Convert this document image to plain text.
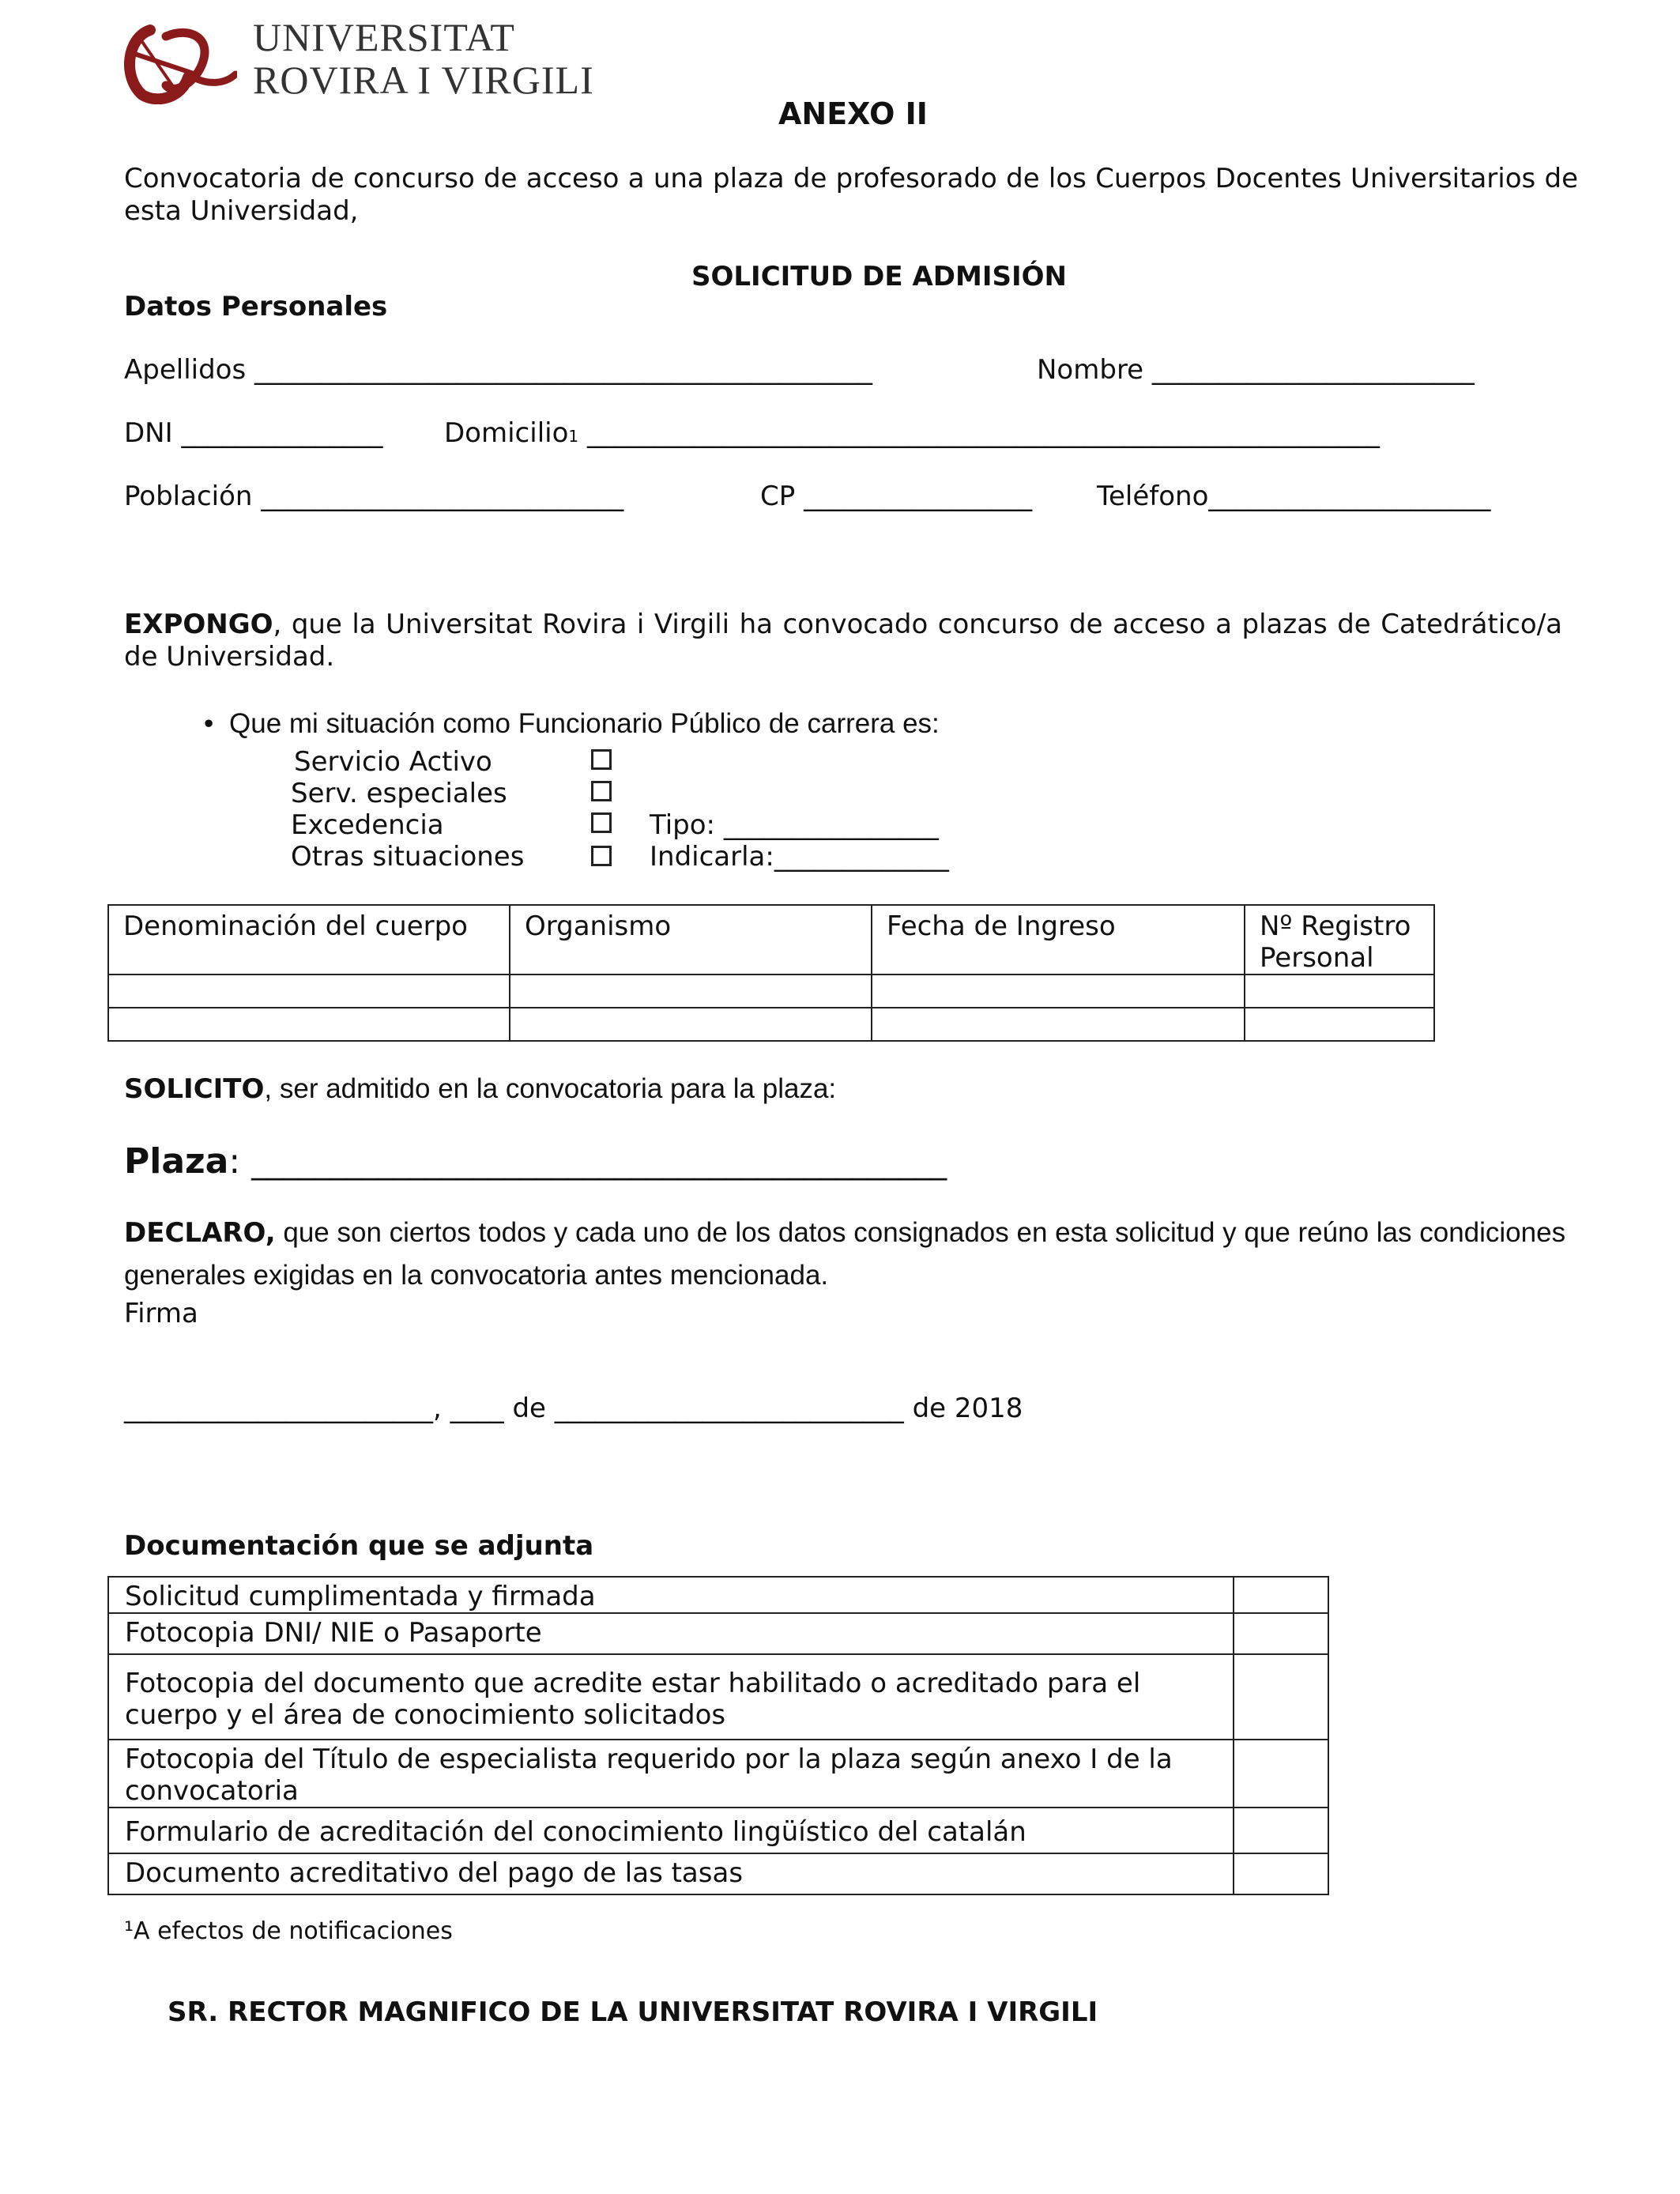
UNIVERSITAT
ROVIRA I VIRGILI
ANEXO II
Convocatoria de concurso de acceso a una plaza de profesorado de los Cuerpos Docentes Universitarios de esta Universidad,
SOLICITUD DE ADMISIÓN
Datos Personales
Apellidos ______________________________________________	Nombre ________________________
DNI _______________ Domicilio1 ___________________________________________________________
Población ___________________________	CP _________________ Teléfono_____________________
EXPONGO, que la Universitat Rovira i Virgili ha convocado concurso de acceso a plazas de Catedrático/a de Universidad.
• Que mi situación como Funcionario Público de carrera es:
Servicio Activo
Serv. especiales
Excedencia	Tipo: ________________
Otras situaciones	Indicarla:_____________
Denominación del cuerpo	Organismo	Fecha de Ingreso	Nº Registro Personal

SOLICITO, ser admitido en la convocatoria para la plaza:
Plaza: ____________________________________________
DECLARO, que son ciertos todos y cada uno de los datos consignados en esta solicitud y que reúno las condiciones
generales exigidas en la convocatoria antes mencionada.
Firma
_______________________, ____ de __________________________ de 2018
Documentación que se adjunta
Solicitud cumplimentada y firmada	
Fotocopia DNI/ NIE o Pasaporte	
Fotocopia del documento que acredite estar habilitado o acreditado para el cuerpo y el área de conocimiento solicitados	
Fotocopia del Título de especialista requerido por la plaza según anexo I de la convocatoria	
Formulario de acreditación del conocimiento lingüístico del catalán	
Documento acreditativo del pago de las tasas	
¹A efectos de notificaciones
SR. RECTOR MAGNIFICO DE LA UNIVERSITAT ROVIRA I VIRGILI
